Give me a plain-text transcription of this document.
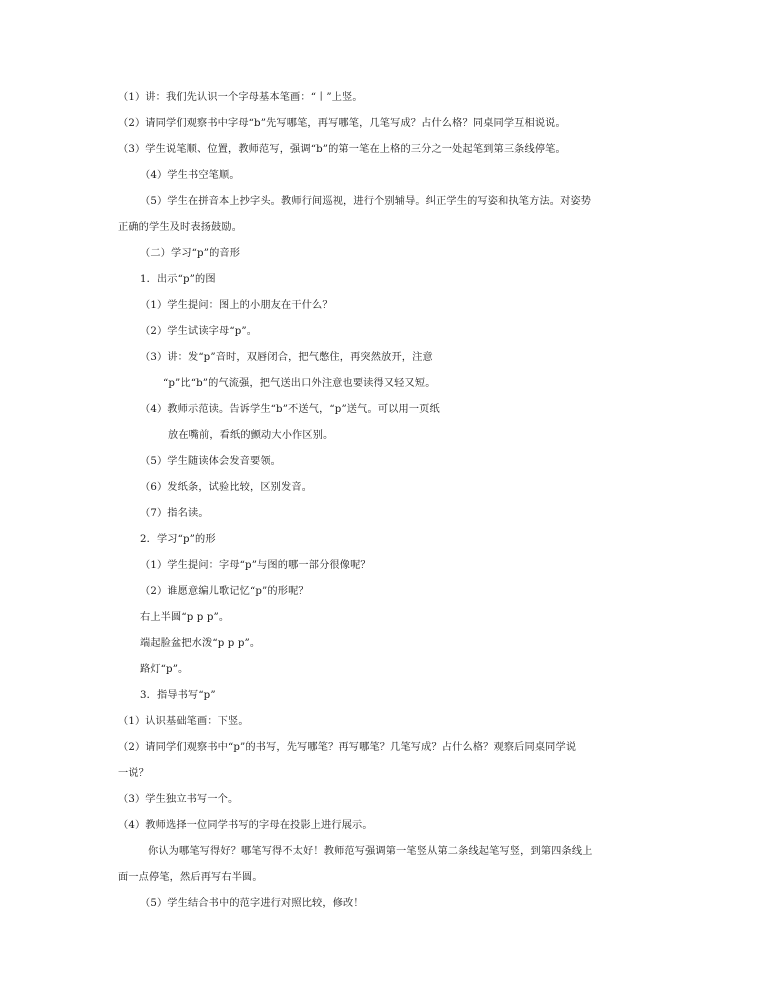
（1）讲：我们先认识一个字母基本笔画：“丨”上竖。
（2）请同学们观察书中字母“b”先写哪笔，再写哪笔，几笔写成？占什么格？同桌同学互相说说。
（3）学生说笔顺、位置，教师范写，强调“b”的第一笔在上格的三分之一处起笔到第三条线停笔。
（4）学生书空笔顺。
（5）学生在拼音本上抄字头。教师行间巡视，进行个别辅导。纠正学生的写姿和执笔方法。对姿势
正确的学生及时表扬鼓励。
（二）学习“p”的音形
1．出示“p”的图
（1）学生提问：图上的小朋友在干什么？
（2）学生试读字母“p”。
（3）讲：发“p”音时，双唇闭合，把气憋住，再突然放开，注意
“p”比“b”的气流强，把气送出口外注意也要读得又轻又短。
（4）教师示范读。告诉学生“b”不送气，“p”送气。可以用一页纸
放在嘴前，看纸的颤动大小作区别。
（5）学生随读体会发音要领。
（6）发纸条，试验比较，区别发音。
（7）指名读。
2．学习“p”的形
（1）学生提问：字母“p”与图的哪一部分很像呢？
（2）谁愿意编儿歌记忆“p”的形呢？
右上半圆“p p p”。
端起脸盆把水泼“p p p”。
路灯“p”。
3．指导书写“p”
（1）认识基础笔画：下竖。
（2）请同学们观察书中“p”的书写，先写哪笔？再写哪笔？几笔写成？占什么格？观察后同桌同学说
一说？
（3）学生独立书写一个。
（4）教师选择一位同学书写的字母在投影上进行展示。
你认为哪笔写得好？哪笔写得不太好！教师范写强调第一笔竖从第二条线起笔写竖，到第四条线上
面一点停笔，然后再写右半圆。
（5）学生结合书中的范字进行对照比较，修改！
